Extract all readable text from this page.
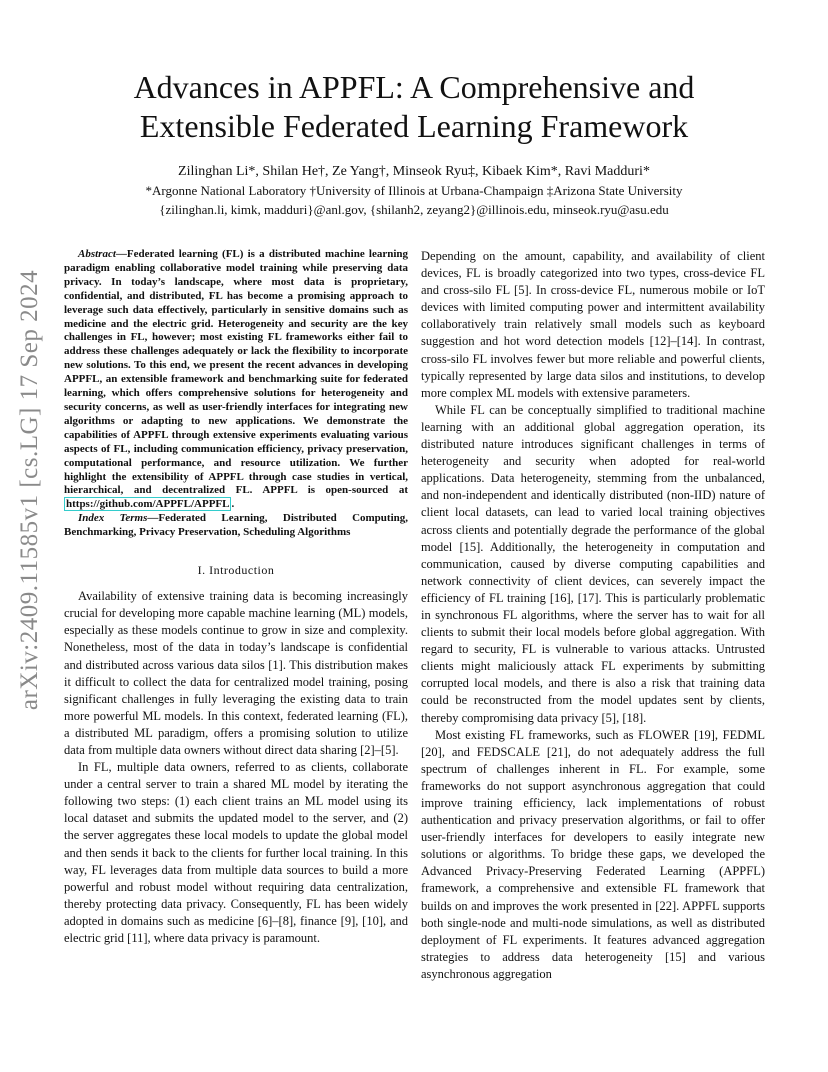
arXiv:2409.11585v1 [cs.LG] 17 Sep 2024
Advances in APPFL: A Comprehensive and
Extensible Federated Learning Framework
Zilinghan Li*, Shilan He†, Ze Yang†, Minseok Ryu‡, Kibaek Kim*, Ravi Madduri*
*Argonne National Laboratory †University of Illinois at Urbana-Champaign ‡Arizona State University
{zilinghan.li, kimk, madduri}@anl.gov, {shilanh2, zeyang2}@illinois.edu, minseok.ryu@asu.edu

Abstract—Federated learning (FL) is a distributed machine learning paradigm enabling collaborative model training while preserving data privacy. In today’s landscape, where most data is proprietary, confidential, and distributed, FL has become a promising approach to leverage such data effectively, particularly in sensitive domains such as medicine and the electric grid. Heterogeneity and security are the key challenges in FL, however; most existing FL frameworks either fail to address these challenges adequately or lack the flexibility to incorporate new solutions. To this end, we present the recent advances in developing APPFL, an extensible framework and benchmarking suite for federated learning, which offers comprehensive solutions for heterogeneity and security concerns, as well as user-friendly interfaces for integrating new algorithms or adapting to new applications. We demonstrate the capabilities of APPFL through extensive experiments evaluating various aspects of FL, including communication efficiency, privacy preservation, computational performance, and resource utilization. We further highlight the extensibility of APPFL through case studies in vertical, hierarchical, and decentralized FL. APPFL is open-sourced at https://github.com/APPFL/APPFL .

Index Terms—Federated Learning, Distributed Computing, Benchmarking, Privacy Preservation, Scheduling Algorithms

I. Introduction

Availability of extensive training data is becoming increasingly crucial for developing more capable machine learning (ML) models, especially as these models continue to grow in size and complexity. Nonetheless, most of the data in today’s landscape is confidential and distributed across various data silos [1]. This distribution makes it difficult to collect the data for centralized model training, posing significant challenges in fully leveraging the existing data to train more powerful ML models. In this context, federated learning (FL), a distributed ML paradigm, offers a promising solution to utilize data from multiple data owners without direct data sharing [2]–[5].

In FL, multiple data owners, referred to as clients, collaborate under a central server to train a shared ML model by iterating the following two steps: (1) each client trains an ML model using its local dataset and submits the updated model to the server, and (2) the server aggregates these local models to update the global model and then sends it back to the clients for further local training. In this way, FL leverages data from multiple data sources to build a more powerful and robust model without requiring data centralization, thereby protecting data privacy. Consequently, FL has been widely adopted in domains such as medicine [6]–[8], finance [9], [10], and electric grid [11], where data privacy is paramount.

Depending on the amount, capability, and availability of client devices, FL is broadly categorized into two types, cross-device FL and cross-silo FL [5]. In cross-device FL, numerous mobile or IoT devices with limited computing power and intermittent availability collaboratively train relatively small models such as keyboard suggestion and hot word detection models [12]–[14]. In contrast, cross-silo FL involves fewer but more reliable and powerful clients, typically represented by large data silos and institutions, to develop more complex ML models with extensive parameters.

While FL can be conceptually simplified to traditional machine learning with an additional global aggregation operation, its distributed nature introduces significant challenges in terms of heterogeneity and security when adopted for real-world applications. Data heterogeneity, stemming from the unbalanced, and non-independent and identically distributed (non-IID) nature of client local datasets, can lead to varied local training objectives across clients and potentially degrade the performance of the global model [15]. Additionally, the heterogeneity in computation and communication, caused by diverse computing capabilities and network connectivity of client devices, can severely impact the efficiency of FL training [16], [17]. This is particularly problematic in synchronous FL algorithms, where the server has to wait for all clients to submit their local models before global aggregation. With regard to security, FL is vulnerable to various attacks. Untrusted clients might maliciously attack FL experiments by submitting corrupted local models, and there is also a risk that training data could be reconstructed from the model updates sent by clients, thereby compromising data privacy [5], [18].

Most existing FL frameworks, such as FLOWER [19], FEDML [20], and FEDSCALE [21], do not adequately address the full spectrum of challenges inherent in FL. For example, some frameworks do not support asynchronous aggregation that could improve training efficiency, lack implementations of robust authentication and privacy preservation algorithms, or fail to offer user-friendly interfaces for developers to easily integrate new solutions or algorithms. To bridge these gaps, we developed the Advanced Privacy-Preserving Federated Learning (APPFL) framework, a comprehensive and extensible FL framework that builds on and improves the work presented in [22]. APPFL supports both single-node and multi-node simulations, as well as distributed deployment of FL experiments. It features advanced aggregation strategies to address data heterogeneity [15] and various asynchronous aggregation
